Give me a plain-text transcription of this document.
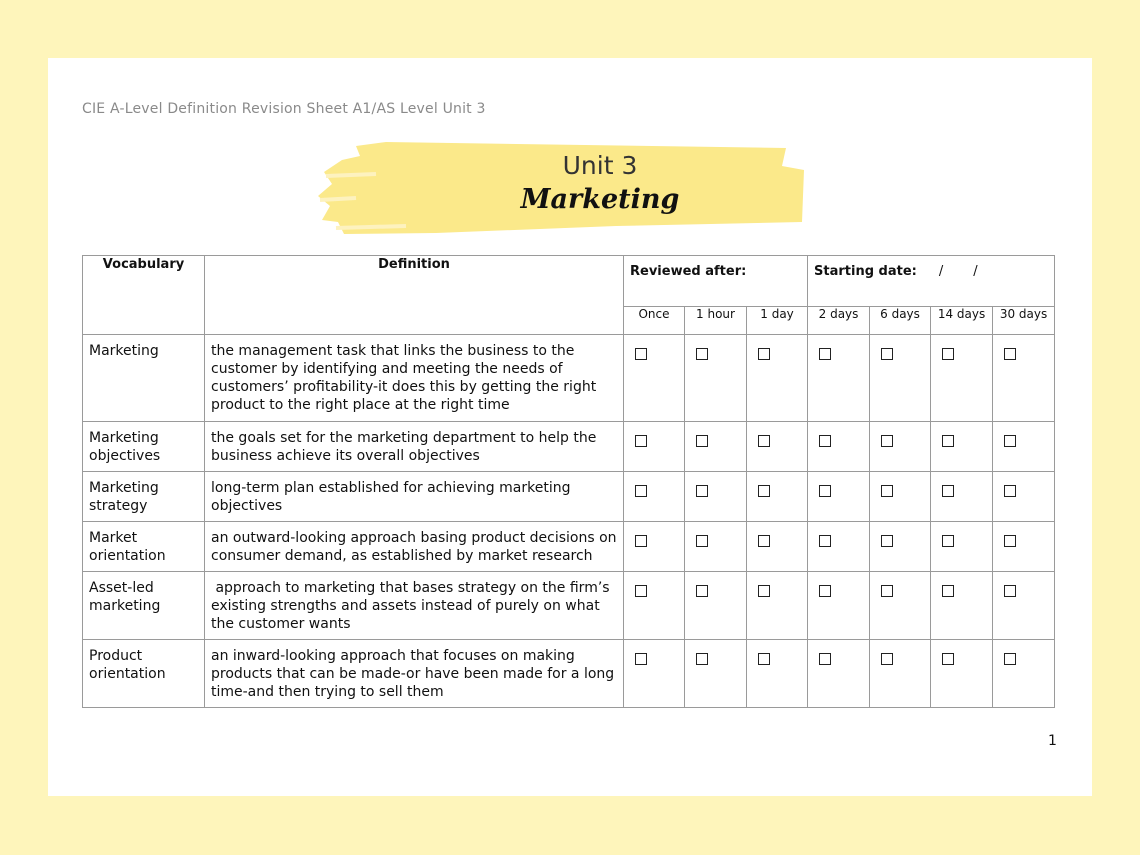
CIE A-Level Definition Revision Sheet A1/AS Level Unit 3
Unit 3
Marketing
Vocabulary	Definition	Reviewed after:			Starting date: / /			
		Once	1 hour	1 day	2 days	6 days	14 days	30 days
Marketing	the management task that links the business to the customer by identifying and meeting the needs of customers’ profitability-it does this by getting the right product to the right place at the right time							
Marketing objectives	the goals set for the marketing department to help the business achieve its overall objectives							
Marketing strategy	long-term plan established for achieving marketing objectives							
Market orientation	an outward-looking approach basing product decisions on consumer demand, as established by market research							
Asset-led marketing	approach to marketing that bases strategy on the firm’s existing strengths and assets instead of purely on what the customer wants							
Product orientation	an inward-looking approach that focuses on making products that can be made-or have been made for a long time-and then trying to sell them							
1
